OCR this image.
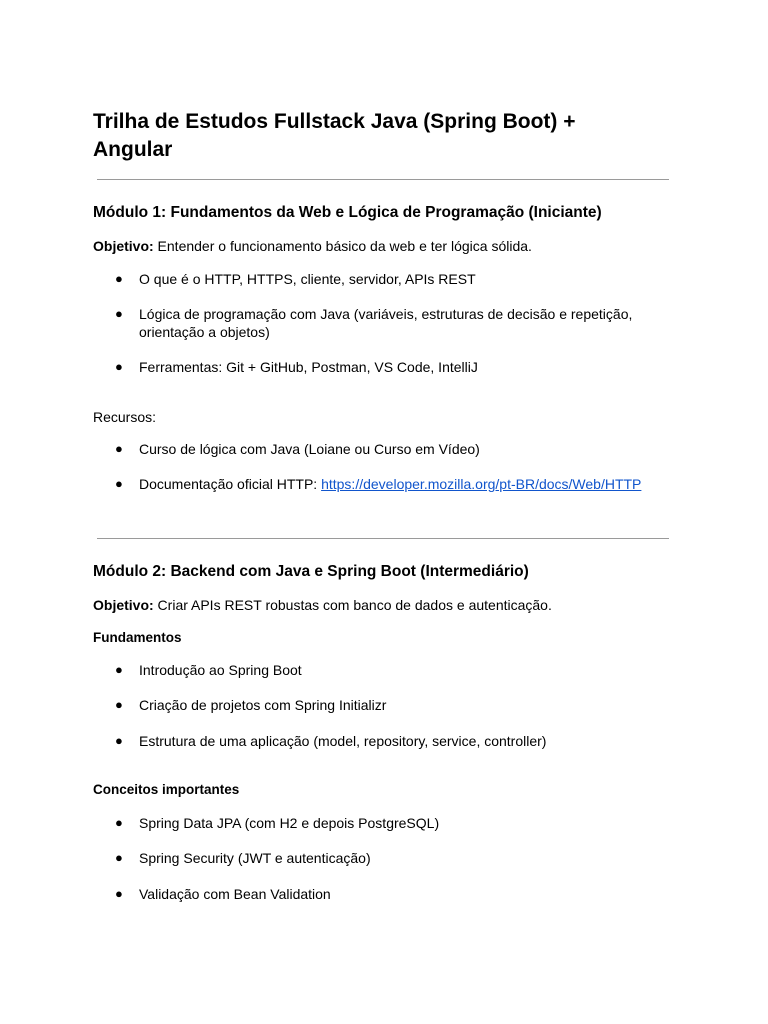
Trilha de Estudos Fullstack Java (Spring Boot) + Angular
Módulo 1: Fundamentos da Web e Lógica de Programação (Iniciante)

Objetivo: Entender o funcionamento básico da web e ter lógica sólida.

●	O que é o HTTP, HTTPS, cliente, servidor, APIs REST
●	Lógica de programação com Java (variáveis, estruturas de decisão e repetição, orientação a objetos)
●	Ferramentas: Git + GitHub, Postman, VS Code, IntelliJ

Recursos:

●	Curso de lógica com Java (Loiane ou Curso em Vídeo)
●	Documentação oficial HTTP: https://developer.mozilla.org/pt-BR/docs/Web/HTTP
Módulo 2: Backend com Java e Spring Boot (Intermediário)

Objetivo: Criar APIs REST robustas com banco de dados e autenticação.

Fundamentos

●	Introdução ao Spring Boot
●	Criação de projetos com Spring Initializr
●	Estrutura de uma aplicação (model, repository, service, controller)

Conceitos importantes

●	Spring Data JPA (com H2 e depois PostgreSQL)
●	Spring Security (JWT e autenticação)
●	Validação com Bean Validation
